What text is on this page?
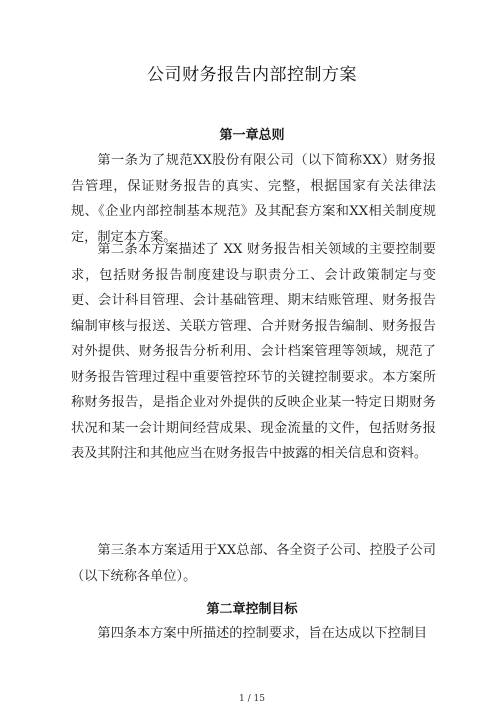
公司财务报告内部控制方案
第一章总则

第一条为了规范XX股份有限公司（以下简称XX）财务报告管理，保证财务报告的真实、完整，根据国家有关法律法规、《企业内部控制基本规范》及其配套方案和XX相关制度规定，制定本方案。

第二条本方案描述了 XX 财务报告相关领域的主要控制要求，包括财务报告制度建设与职责分工、会计政策制定与变更、会计科目管理、会计基础管理、期末结账管理、财务报告编制审核与报送、关联方管理、合并财务报告编制、财务报告对外提供、财务报告分析利用、会计档案管理等领域，规范了财务报告管理过程中重要管控环节的关键控制要求。本方案所称财务报告，是指企业对外提供的反映企业某一特定日期财务状况和某一会计期间经营成果、现金流量的文件，包括财务报表及其附注和其他应当在财务报告中披露的相关信息和资料。

第三条本方案适用于XX总部、各全资子公司、控股子公司（以下统称各单位）。

第二章控制目标

第四条本方案中所描述的控制要求，旨在达成以下控制目

1 / 15
